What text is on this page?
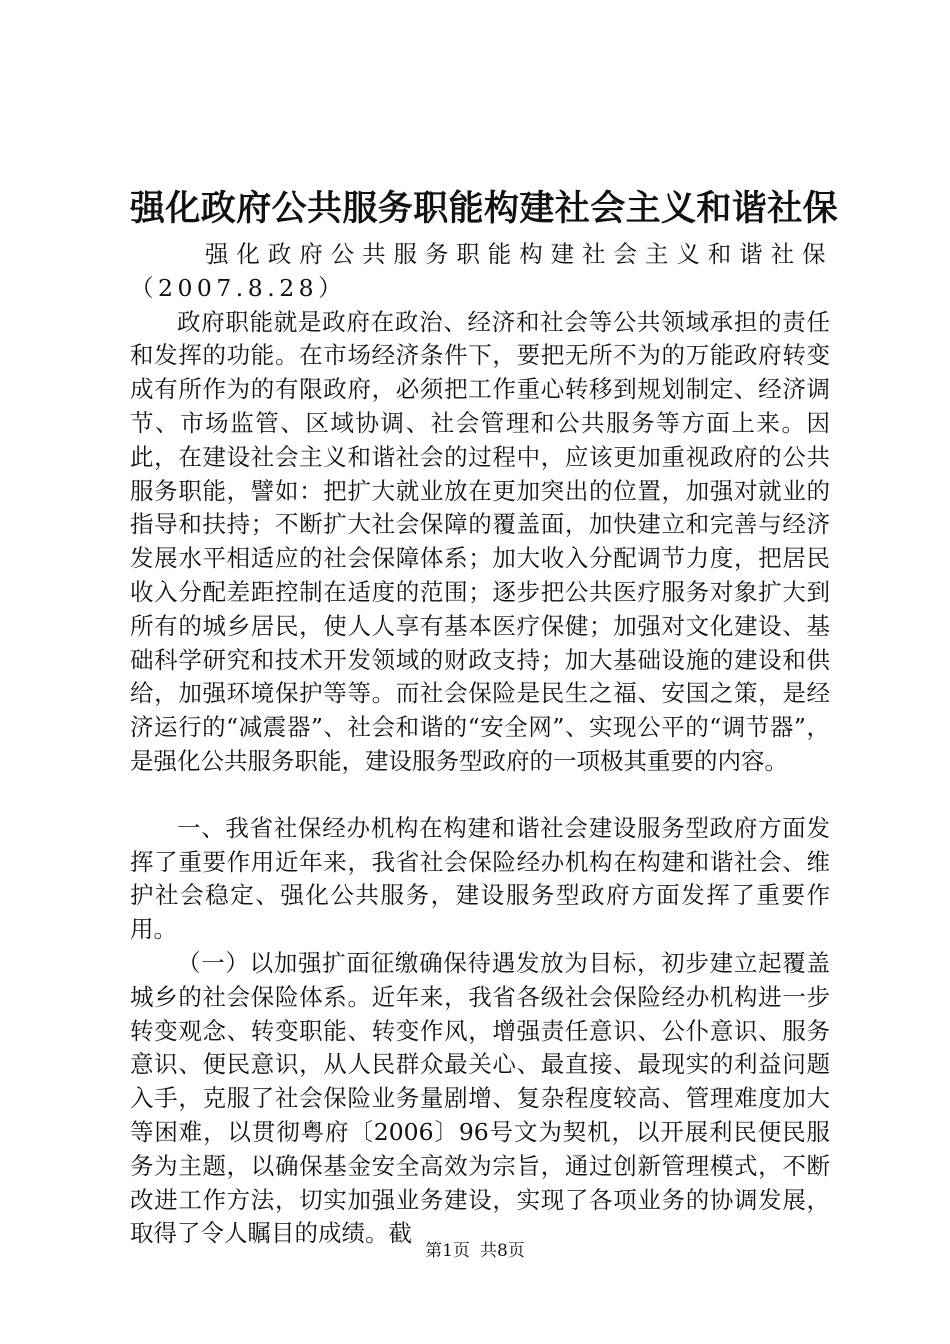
强化政府公共服务职能构建社会主义和谐社保

强化政府公共服务职能构建社会主义和谐社保（2007.8.28）

政府职能就是政府在政治、经济和社会等公共领域承担的责任和发挥的功能。在市场经济条件下，要把无所不为的万能政府转变成有所作为的有限政府，必须把工作重心转移到规划制定、经济调节、市场监管、区域协调、社会管理和公共服务等方面上来。因此，在建设社会主义和谐社会的过程中，应该更加重视政府的公共服务职能，譬如：把扩大就业放在更加突出的位置，加强对就业的指导和扶持；不断扩大社会保障的覆盖面，加快建立和完善与经济发展水平相适应的社会保障体系；加大收入分配调节力度，把居民收入分配差距控制在适度的范围；逐步把公共医疗服务对象扩大到所有的城乡居民，使人人享有基本医疗保健；加强对文化建设、基础科学研究和技术开发领域的财政支持；加大基础设施的建设和供给，加强环境保护等等。而社会保险是民生之福、安国之策，是经济运行的“减震器”、社会和谐的“安全网”、实现公平的“调节器”，是强化公共服务职能，建设服务型政府的一项极其重要的内容。

一、我省社保经办机构在构建和谐社会建设服务型政府方面发挥了重要作用近年来，我省社会保险经办机构在构建和谐社会、维护社会稳定、强化公共服务，建设服务型政府方面发挥了重要作用。

（一）以加强扩面征缴确保待遇发放为目标，初步建立起覆盖城乡的社会保险体系。近年来，我省各级社会保险经办机构进一步转变观念、转变职能、转变作风，增强责任意识、公仆意识、服务意识、便民意识，从人民群众最关心、最直接、最现实的利益问题入手，克服了社会保险业务量剧增、复杂程度较高、管理难度加大等困难，以贯彻粤府〔2006〕96号文为契机，以开展利民便民服务为主题，以确保基金安全高效为宗旨，通过创新管理模式，不断改进工作方法，切实加强业务建设，实现了各项业务的协调发展，取得了令人瞩目的成绩。截

第1页 共8页
